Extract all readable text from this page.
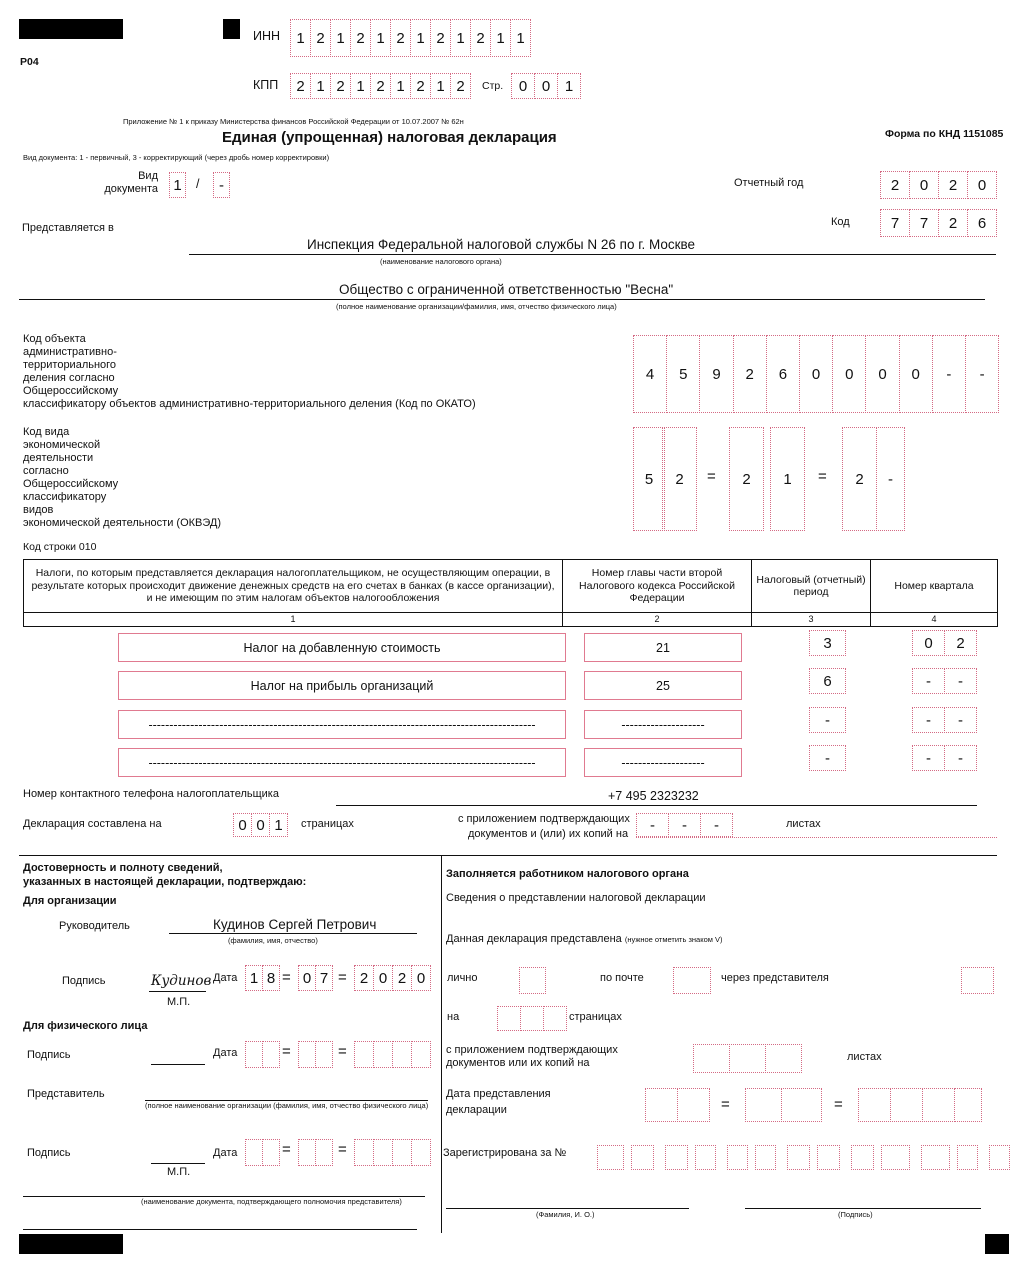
Р04
ИНН	1 2 1 2 1 2 1 2 1 2 1 1
КПП	2 1 2 1 2 1 2 1 2	Стр.	0 0 1
Приложение № 1 к приказу Министерства финансов Российской Федерации от 10.07.2007 № 62н
Единая (упрощенная) налоговая декларация	Форма по КНД 1151085
Вид документа: 1 - первичный, 3 - корректирующий (через дробь номер корректировки)
Вид
документа 1	/	-	Отчетный год	2	0	2	0
Код	7	7	2	6
Представляется в
Инспекция Федеральной налоговой службы N 26 по г. Москве
(наименование налогового органа)
Общество с ограниченной ответственностью "Весна"
(полное наименование организации/фамилия, имя, отчество физического лица)
Код объекта
административно-
территориального
деления согласно
Общероссийскому
классификатору объектов административно-территориального деления (Код по ОКАТО)
4	5	9	2	6	0	0	0	0	-	-
Код вида
экономической
деятельности
согласно
Общероссийскому
классификатору
видов
экономической деятельности (ОКВЭД)
5	2	=	2	1	=	2	-
Код строки 010
Налоги, по которым представляется декларация налогоплательщиком, не осуществляющим операции, в результате которых происходит движение денежных средств на его счетах в банках (в кассе организации), и не имеющим по этим налогам объектов налогообложения	Номер главы части второй Налогового кодекса Российской Федерации	Налоговый (отчетный) период	Номер квартала
1	2	3	4
Налог на добавленную стоимость	21	3	0	2
Налог на прибыль организаций	25	6	-	-
---------------------------------------------------------------------------------------------	--------------------	-	-	-
---------------------------------------------------------------------------------------------	--------------------	-	-	-
Номер контактного телефона налогоплательщика	+7 495 2323232
Декларация составлена на	0 0 1	страницах	с приложением подтверждающих
документов и (или) их копий на
-	-	-	листах
Достоверность и полноту сведений,
указанных в настоящей декларации, подтверждаю:
Для организации
Руководитель	Кудинов Сергей Петрович
(фамилия, имя, отчество)
Подпись	Кудинов
М.П.
Дата 1 8 = 0 7 = 2 0 2 0
Для физического лица
Подпись	Дата	=	=
Представитель
(полное наименование организации (фамилия, имя, отчество физического лица)
Подпись
М.П.
Дата	=	=
(наименование документа, подтверждающего полномочия представителя)
Заполняется работником налогового органа
Сведения о представлении налоговой декларации
Данная декларация представлена (нужное отметить знаком V)
лично	по почте	через представителя
на	страницах
с приложением подтверждающих
документов или их копий на	листах
Дата представления
декларации	=	=
Зарегистрирована за №
(Фамилия, И. О.)	(Подпись)
